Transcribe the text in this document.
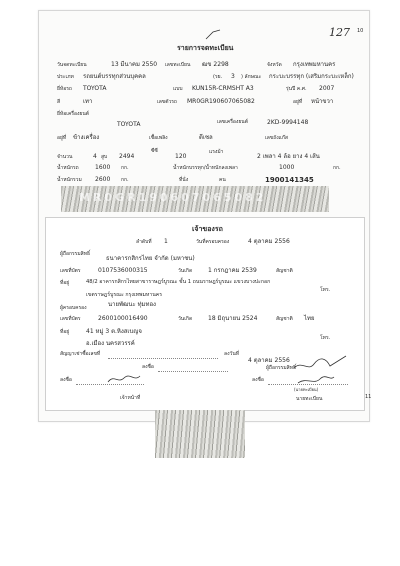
10
127
รายการจดทะเบียน
วันจดทะเบียน	13 มีนาคม 2550 เลขทะเบียน ฒข 2298	จังหวัด กรุงเทพมหานคร
ประเภท รถยนต์บรรทุกส่วนบุคคล	(รย. 3 ) ลักษณะ กระบะบรรทุก (เสริมกระบะเหล็ก)
ยี่ห้อรถ TOYOTA	แบบ KUN15R-CRMSHT A3	รุ่นปี ค.ศ. 2007
สี	เทา	เลขตัวรถ MR0GR190607065082	อยู่ที่ หน้าขวา
ยี่ห้อเครื่องยนต์
TOYOTA	เลขเครื่องยนต์	2KD-9994148
อยู่ที่ ข้างเครื่อง	เชื้อเพลิง	ดีเซล	เลขถังแก๊ส
จำนวน	4 สูบ 2494
ซีซี
120
แรงม้า
2 เพลา 4 ล้อ ยาง 4 เส้น
น้ำหนักรถ	1600 กก.	น้ำหนักบรรทุก/น้ำหนักลงเพลา	1000	กก.
น้ำหนักรวม 2600 กก.	ที่นั่ง	คน	1900141345
MR0GR190607065082
เจ้าของรถ
ลำดับที่ 1	วันที่ครอบครอง	4 ตุลาคม 2556
ผู้ถือกรรมสิทธิ์
ธนาคารกสิกรไทย จำกัด (มหาชน)
เลขที่บัตร	0107536000315	วันเกิด	1 กรกฎาคม 2539	สัญชาติ
ที่อยู่	48/2 อาคารกสิกรไทยสาขาราษฎร์บูรณะ ชั้น 1 ถนนราษฎร์บูรณะ แขวงบางปะกอก
เขตราษฎร์บูรณะ กรุงเทพมหานคร
โทร.
ผู้ครอบครอง	นายพัฒนะ ทุ่มทอง
เลขที่บัตร	2600100016490	วันเกิด	18 มิถุนายน 2524	สัญชาติ ไทย
ที่อยู่	41 หมู่ 3 ต.หิงสเบญจ
อ.เมือง นครสวรรค์
โทร.
สัญญาเช่าซื้อเลขที่	ลงวันที่
4 ตุลาคม 2556
ลงชื่อ	ผู้ถือกรรมสิทธิ์
ลงชื่อ	ลงชื่อ
(นายทะเบียน)
เจ้าหน้าที่	นายทะเบียน	11
